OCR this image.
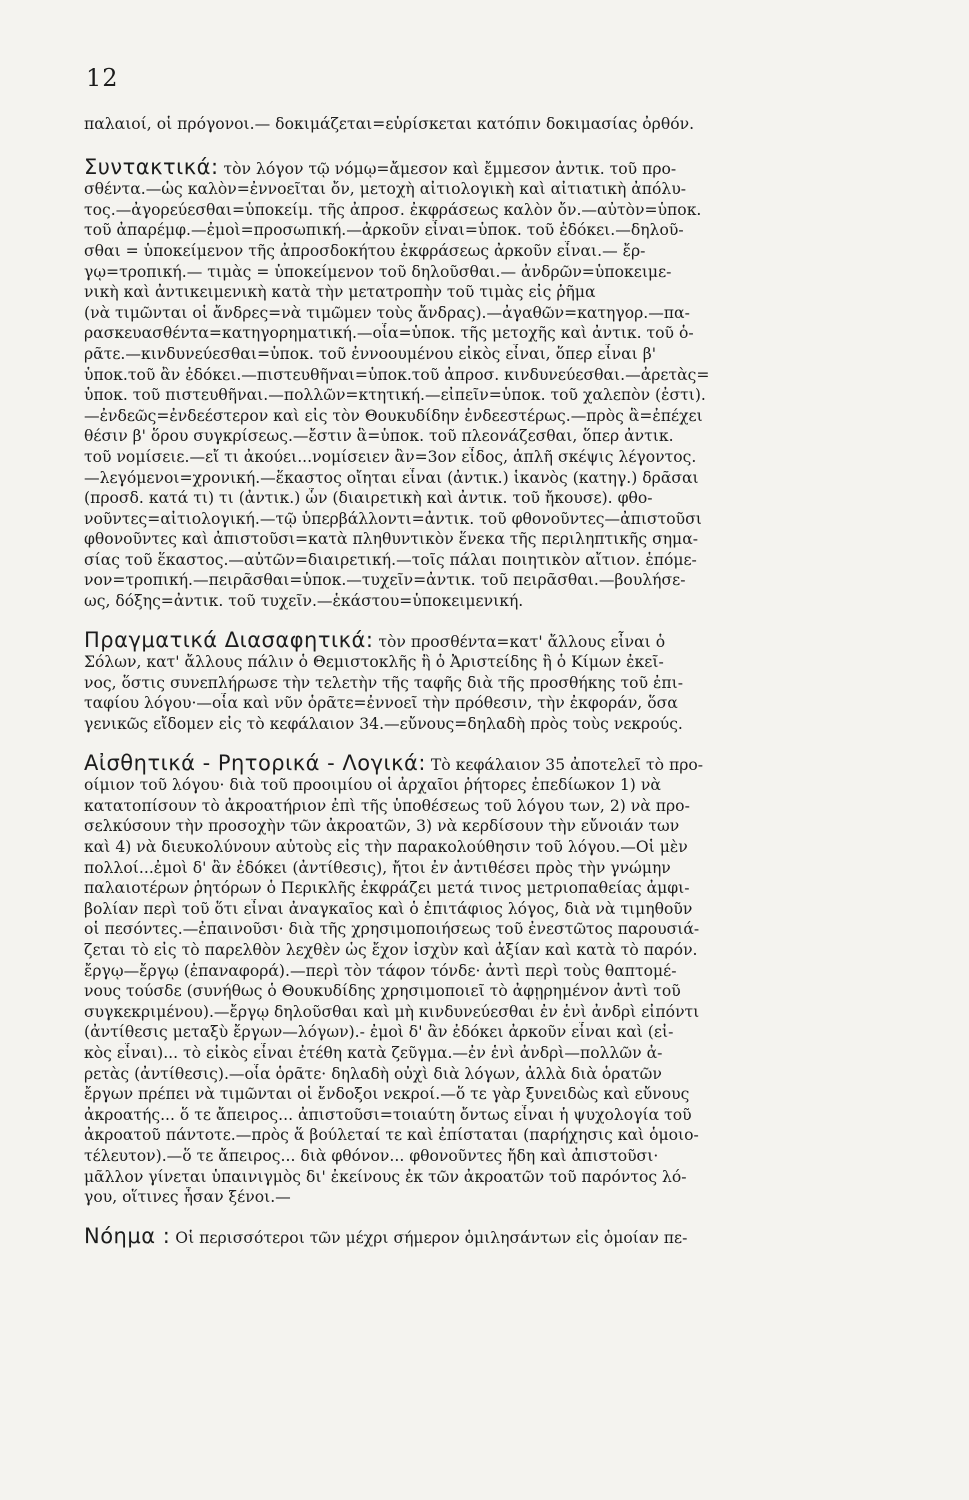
12

παλαιοί, οἱ πρόγονοι.— δοκιμάζεται=εὑρίσκεται κατόπιν δοκιμασίας ὀρθόν.

Συντακτικά: τὸν λόγον τῷ νόμῳ=ἄμεσον καὶ ἔμμεσον ἀντικ. τοῦ προ-
σθέντα.—ὡς καλὸν=ἐννοεῖται ὄν, μετοχὴ αἰτιολογικὴ καὶ αἰτιατικὴ ἀπόλυ-
τος.—ἀγορεύεσθαι=ὑποκείμ. τῆς ἀπροσ. ἐκφράσεως καλὸν ὄν.—αὐτὸν=ὑποκ.
τοῦ ἀπαρέμφ.—ἐμοὶ=προσωπική.—ἀρκοῦν εἶναι=ὑποκ. τοῦ ἐδόκει.—δηλοῦ-
σθαι = ὑποκείμενον τῆς ἀπροσδοκήτου ἐκφράσεως ἀρκοῦν εἶναι.— ἔρ-
γῳ=τροπική.— τιμὰς = ὑποκείμενον τοῦ δηλοῦσθαι.— ἀνδρῶν=ὑποκειμε-
νικὴ καὶ ἀντικειμενικὴ κατὰ τὴν μετατροπὴν τοῦ τιμὰς εἰς ῥῆμα
(νὰ τιμῶνται οἱ ἄνδρες=νὰ τιμῶμεν τοὺς ἄνδρας).—ἀγαθῶν=κατηγορ.—πα-
ρασκευασθέντα=κατηγορηματική.—οἷα=ὑποκ. τῆς μετοχῆς καὶ ἀντικ. τοῦ ὁ-
ρᾶτε.—κινδυνεύεσθαι=ὑποκ. τοῦ ἐννοουμένου εἰκὸς εἶναι, ὅπερ εἶναι β'
ὑποκ.τοῦ ἂν ἐδόκει.—πιστευθῆναι=ὑποκ.τοῦ ἀπροσ. κινδυνεύεσθαι.—ἀρετὰς=
ὑποκ. τοῦ πιστευθῆναι.—πολλῶν=κτητική.—εἰπεῖν=ὑποκ. τοῦ χαλεπὸν (ἐστι).
—ἐνδεῶς=ἐνδεέστερον καὶ εἰς τὸν Θουκυδίδην ἐνδεεστέρως.—πρὸς ἃ=ἐπέχει
θέσιν β' ὅρου συγκρίσεως.—ἔστιν ἃ=ὑποκ. τοῦ πλεονάζεσθαι, ὅπερ ἀντικ.
τοῦ νομίσειε.—εἴ τι ἀκούει...νομίσειεν ἂν=3ον εἶδος, ἁπλῆ σκέψις λέγοντος.
—λεγόμενοι=χρονική.—ἕκαστος οἴηται εἶναι (ἀντικ.) ἱκανὸς (κατηγ.) δρᾶσαι
(προσδ. κατά τι) τι (ἀντικ.) ὧν (διαιρετικὴ καὶ ἀντικ. τοῦ ἤκουσε). φθο-
νοῦντες=αἰτιολογική.—τῷ ὑπερβάλλοντι=ἀντικ. τοῦ φθονοῦντες—ἀπιστοῦσι
φθονοῦντες καὶ ἀπιστοῦσι=κατὰ πληθυντικὸν ἕνεκα τῆς περιληπτικῆς σημα-
σίας τοῦ ἕκαστος.—αὐτῶν=διαιρετική.—τοῖς πάλαι ποιητικὸν αἴτιον. ἑπόμε-
νον=τροπική.—πειρᾶσθαι=ὑποκ.—τυχεῖν=ἀντικ. τοῦ πειρᾶσθαι.—βουλήσε-
ως, δόξης=ἀντικ. τοῦ τυχεῖν.—ἑκάστου=ὑποκειμενική.

Πραγματικά Διασαφητικά: τὸν προσθέντα=κατ' ἄλλους εἶναι ὁ
Σόλων, κατ' ἄλλους πάλιν ὁ Θεμιστοκλῆς ἢ ὁ Ἀριστείδης ἢ ὁ Κίμων ἐκεῖ-
νος, ὅστις συνεπλήρωσε τὴν τελετὴν τῆς ταφῆς διὰ τῆς προσθήκης τοῦ ἐπι-
ταφίου λόγου·—οἷα καὶ νῦν ὁρᾶτε=ἐννοεῖ τὴν πρόθεσιν, τὴν ἐκφοράν, ὅσα
γενικῶς εἴδομεν εἰς τὸ κεφάλαιον 34.—εὔνους=δηλαδὴ πρὸς τοὺς νεκρούς.

Αἰσθητικά - Ρητορικά - Λογικά: Τὸ κεφάλαιον 35 ἀποτελεῖ τὸ προ-
οίμιον τοῦ λόγου· διὰ τοῦ προοιμίου οἱ ἀρχαῖοι ῥήτορες ἐπεδίωκον 1) νὰ
κατατοπίσουν τὸ ἀκροατήριον ἐπὶ τῆς ὑποθέσεως τοῦ λόγου των, 2) νὰ προ-
σελκύσουν τὴν προσοχὴν τῶν ἀκροατῶν, 3) νὰ κερδίσουν τὴν εὔνοιάν των
καὶ 4) νὰ διευκολύνουν αὐτοὺς εἰς τὴν παρακολούθησιν τοῦ λόγου.—Οἱ μὲν
πολλοί...ἐμοὶ δ' ἂν ἐδόκει (ἀντίθεσις), ἤτοι ἐν ἀντιθέσει πρὸς τὴν γνώμην
παλαιοτέρων ῥητόρων ὁ Περικλῆς ἐκφράζει μετά τινος μετριοπαθείας ἀμφι-
βολίαν περὶ τοῦ ὅτι εἶναι ἀναγκαῖος καὶ ὁ ἐπιτάφιος λόγος, διὰ νὰ τιμηθοῦν
οἱ πεσόντες.—ἐπαινοῦσι· διὰ τῆς χρησιμοποιήσεως τοῦ ἐνεστῶτος παρουσιά-
ζεται τὸ εἰς τὸ παρελθὸν λεχθὲν ὡς ἔχον ἰσχὺν καὶ ἀξίαν καὶ κατὰ τὸ παρόν.
ἔργῳ—ἔργῳ (ἐπαναφορά).—περὶ τὸν τάφον τόνδε· ἀντὶ περὶ τοὺς θαπτομέ-
νους τούσδε (συνήθως ὁ Θουκυδίδης χρησιμοποιεῖ τὸ ἀφῃρημένον ἀντὶ τοῦ
συγκεκριμένου).—ἔργῳ δηλοῦσθαι καὶ μὴ κινδυνεύεσθαι ἐν ἑνὶ ἀνδρὶ εἰπόντι
(ἀντίθεσις μεταξὺ ἔργων—λόγων).- ἐμοὶ δ' ἂν ἐδόκει ἀρκοῦν εἶναι καὶ (εἰ-
κὸς εἶναι)... τὸ εἰκὸς εἶναι ἐτέθη κατὰ ζεῦγμα.—ἐν ἑνὶ ἀνδρὶ—πολλῶν ἀ-
ρετὰς (ἀντίθεσις).—οἷα ὁρᾶτε· δηλαδὴ οὐχὶ διὰ λόγων, ἀλλὰ διὰ ὁρατῶν
ἔργων πρέπει νὰ τιμῶνται οἱ ἔνδοξοι νεκροί.—ὅ τε γὰρ ξυνειδὼς καὶ εὔνους
ἀκροατής... ὅ τε ἄπειρος... ἀπιστοῦσι=τοιαύτη ὄντως εἶναι ἡ ψυχολογία τοῦ
ἀκροατοῦ πάντοτε.—πρὸς ἅ βούλεταί τε καὶ ἐπίσταται (παρήχησις καὶ ὁμοιο-
τέλευτον).—ὅ τε ἄπειρος... διὰ φθόνον... φθονοῦντες ἤδη καὶ ἀπιστοῦσι·
μᾶλλον γίνεται ὑπαινιγμὸς δι' ἐκείνους ἐκ τῶν ἀκροατῶν τοῦ παρόντος λό-
γου, οἵτινες ἦσαν ξένοι.—

Νόημα : Οἱ περισσότεροι τῶν μέχρι σήμερον ὁμιλησάντων εἰς ὁμοίαν πε-
